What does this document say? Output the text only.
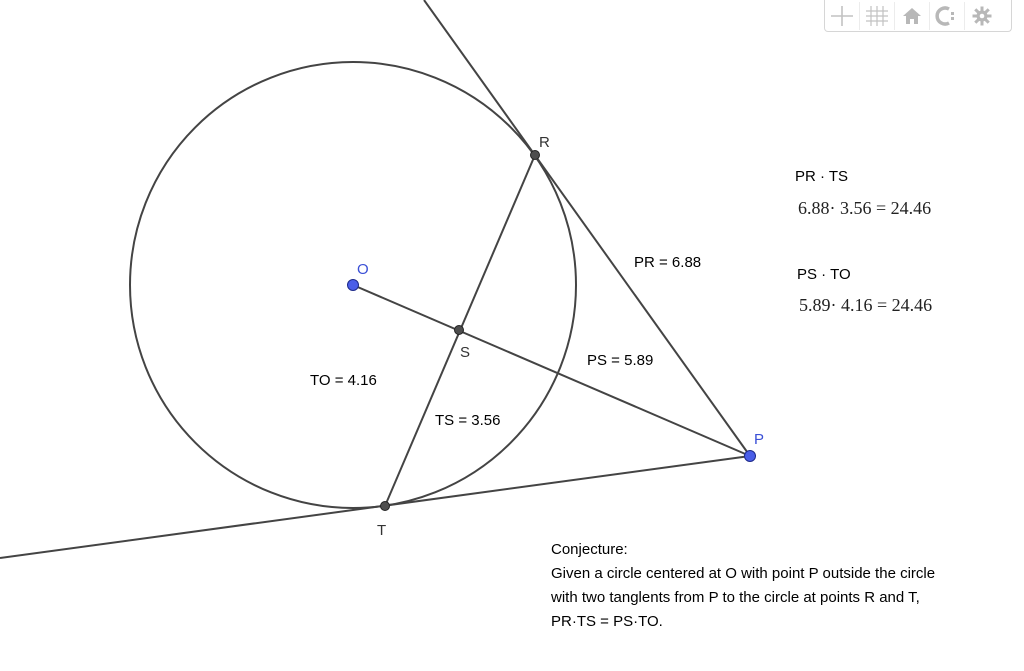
O
P
R
S
T
PR = 6.88
PS = 5.89
TO = 4.16
TS = 3.56
PR · TS
6.88· 3.56 = 24.46
PS · TO
5.89· 4.16 = 24.46
Conjecture:
Given a circle centered at O with point P outside the circle
with two tanglents from P to the circle at points R and T,
PR·TS = PS·TO.
